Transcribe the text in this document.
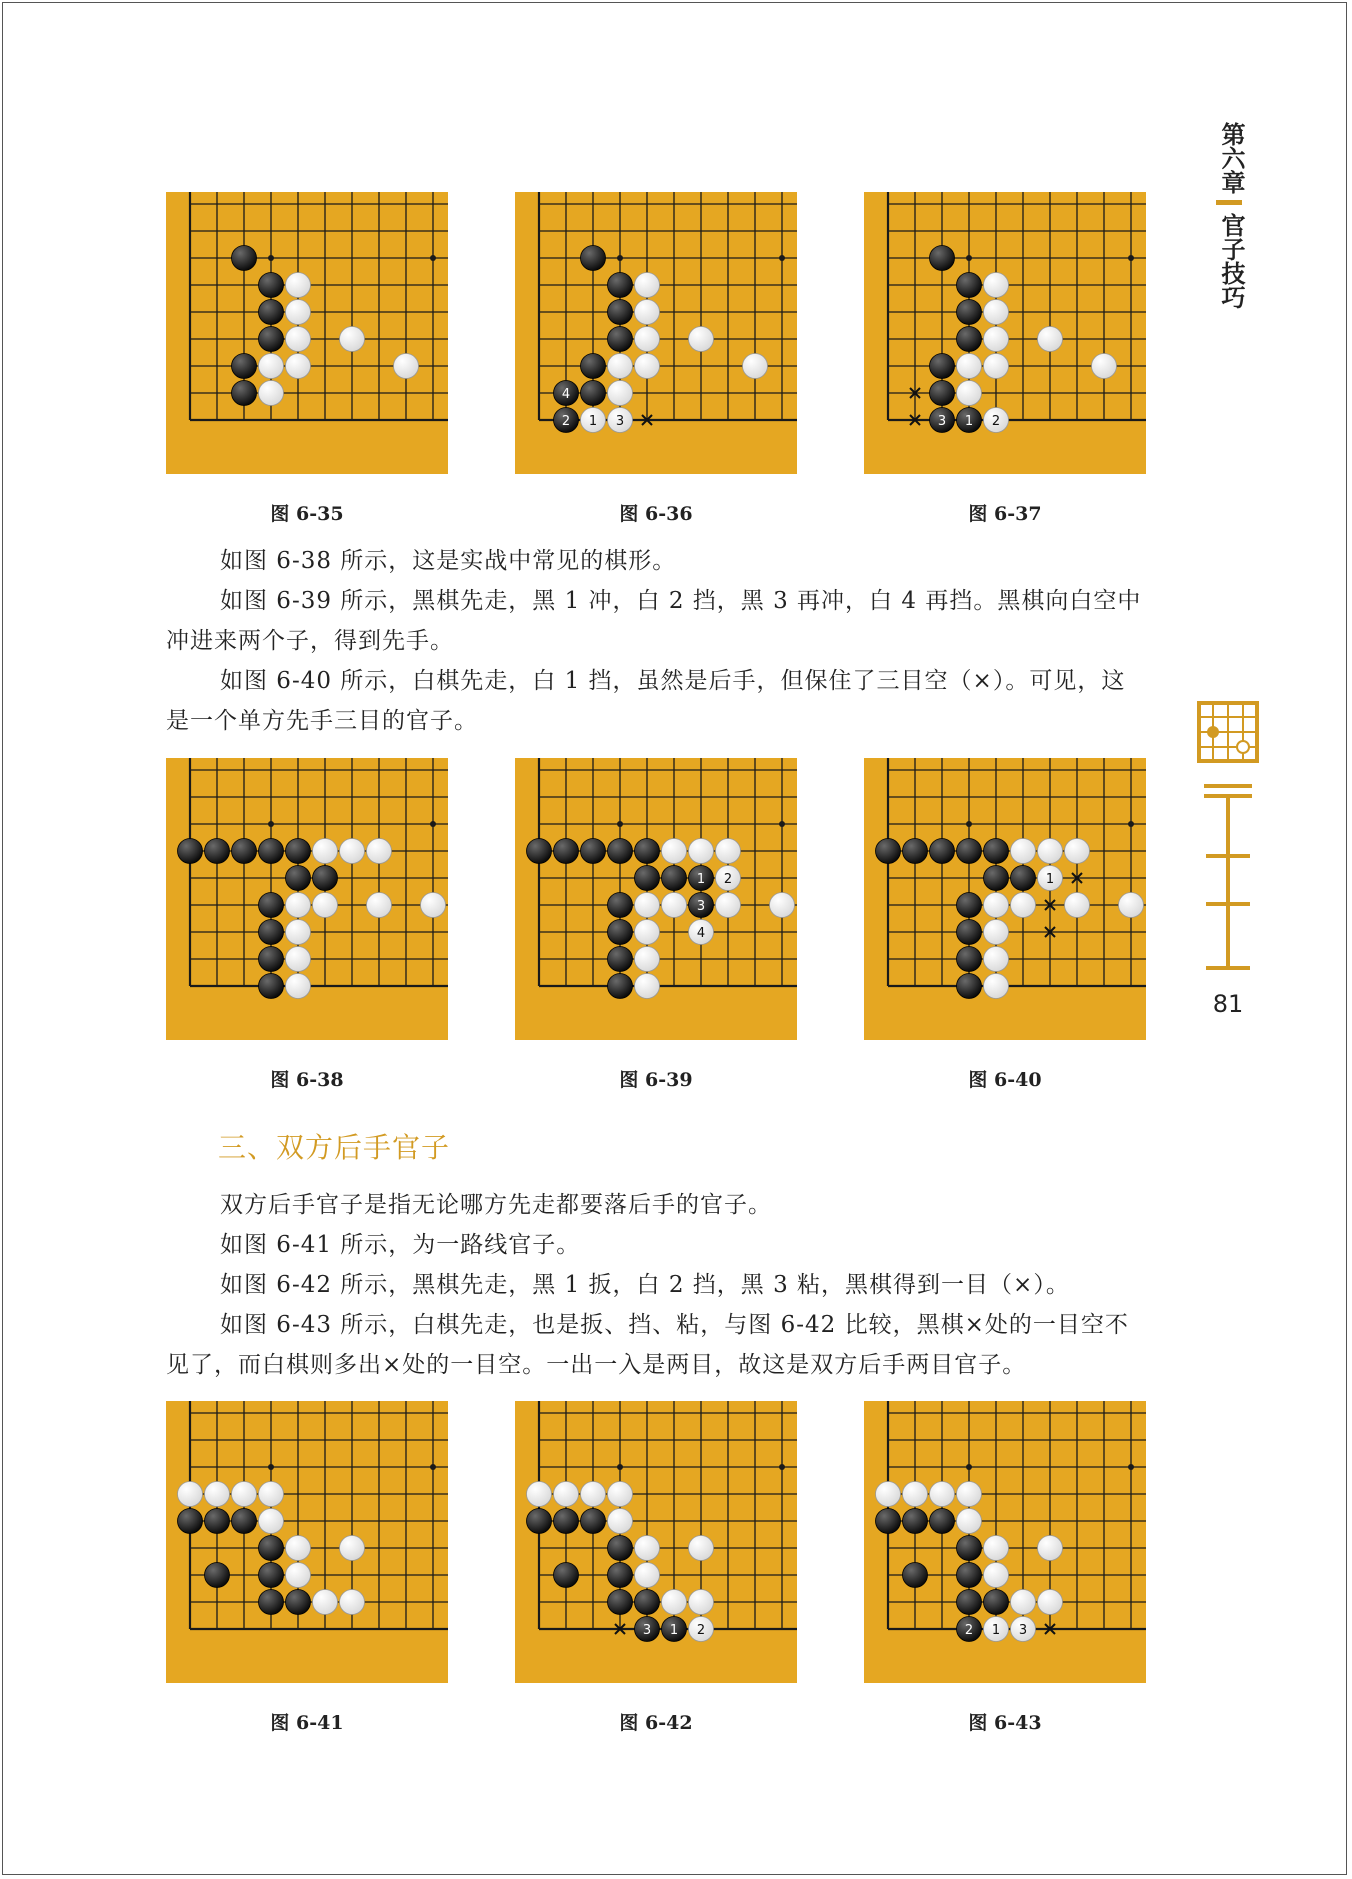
第六章
官子技巧
81
4
2 1 3	3 1 2
图 6-35	图 6-36	图 6-37

如图 6-38 所示，这是实战中常见的棋形。

如图 6-39 所示，黑棋先走，黑 1 冲，白 2 挡，黑 3 再冲，白 4 再挡。黑棋向白空中冲进来两个子，得到先手。

如图 6-40 所示，白棋先走，白 1 挡，虽然是后手，但保住了三目空（×）。可见，这是一个单方先手三目的官子。

1 2
3
4
1
图 6-38	图 6-39	图 6-40
三、双方后手官子

双方后手官子是指无论哪方先走都要落后手的官子。

如图 6-41 所示，为一路线官子。

如图 6-42 所示，黑棋先走，黑 1 扳，白 2 挡，黑 3 粘，黑棋得到一目（×）。

如图 6-43 所示，白棋先走，也是扳、挡、粘，与图 6-42 比较，黑棋×处的一目空不见了，而白棋则多出×处的一目空。一出一入是两目，故这是双方后手两目官子。

3 1 2	2 1 3
图 6-41	图 6-42	图 6-43
